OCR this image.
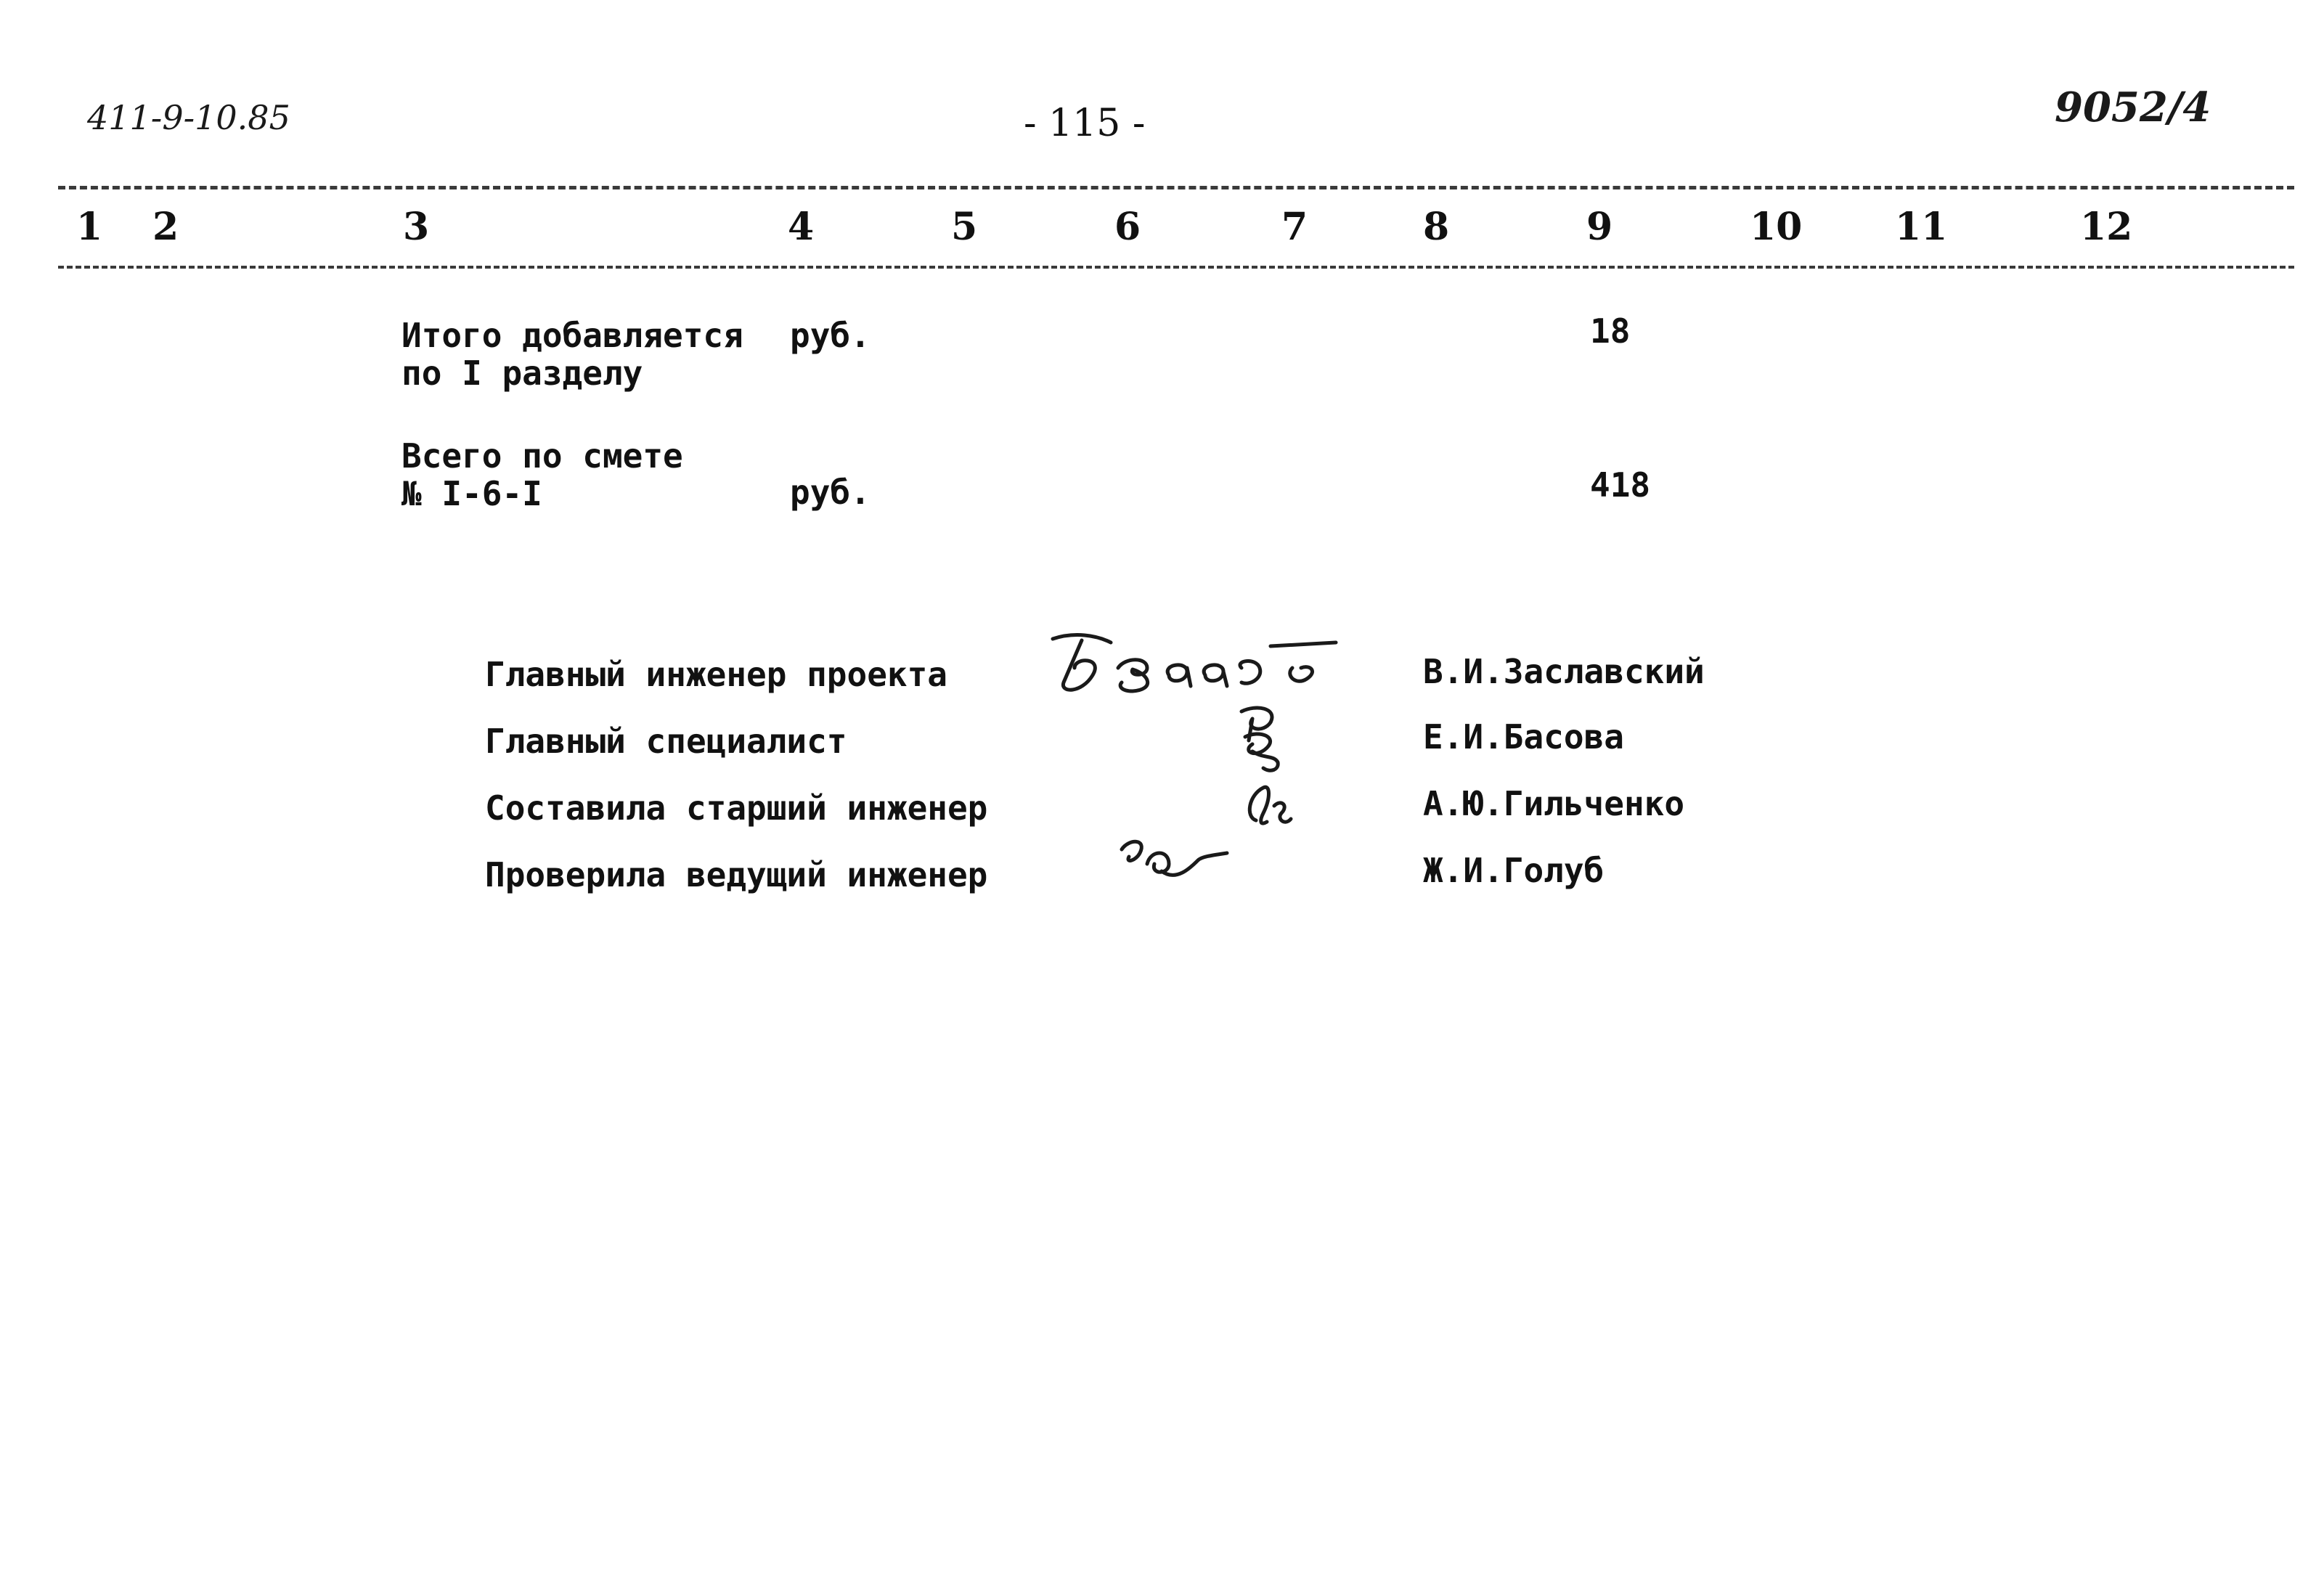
411-9-10.85	- 115 -	9052/4
1 2	3	4	5	6	7	8	9	10 11	12
Итого добавляется
по I разделу
руб.	18
Всего по смете
№ I-6-I	руб.	418
Главный инженер проекта	В.И.Заславский
Главный специалист	Е.И.Басова
Составила старший инженер	А.Ю.Гильченко
Проверила ведущий инженер	Ж.И.Голуб
